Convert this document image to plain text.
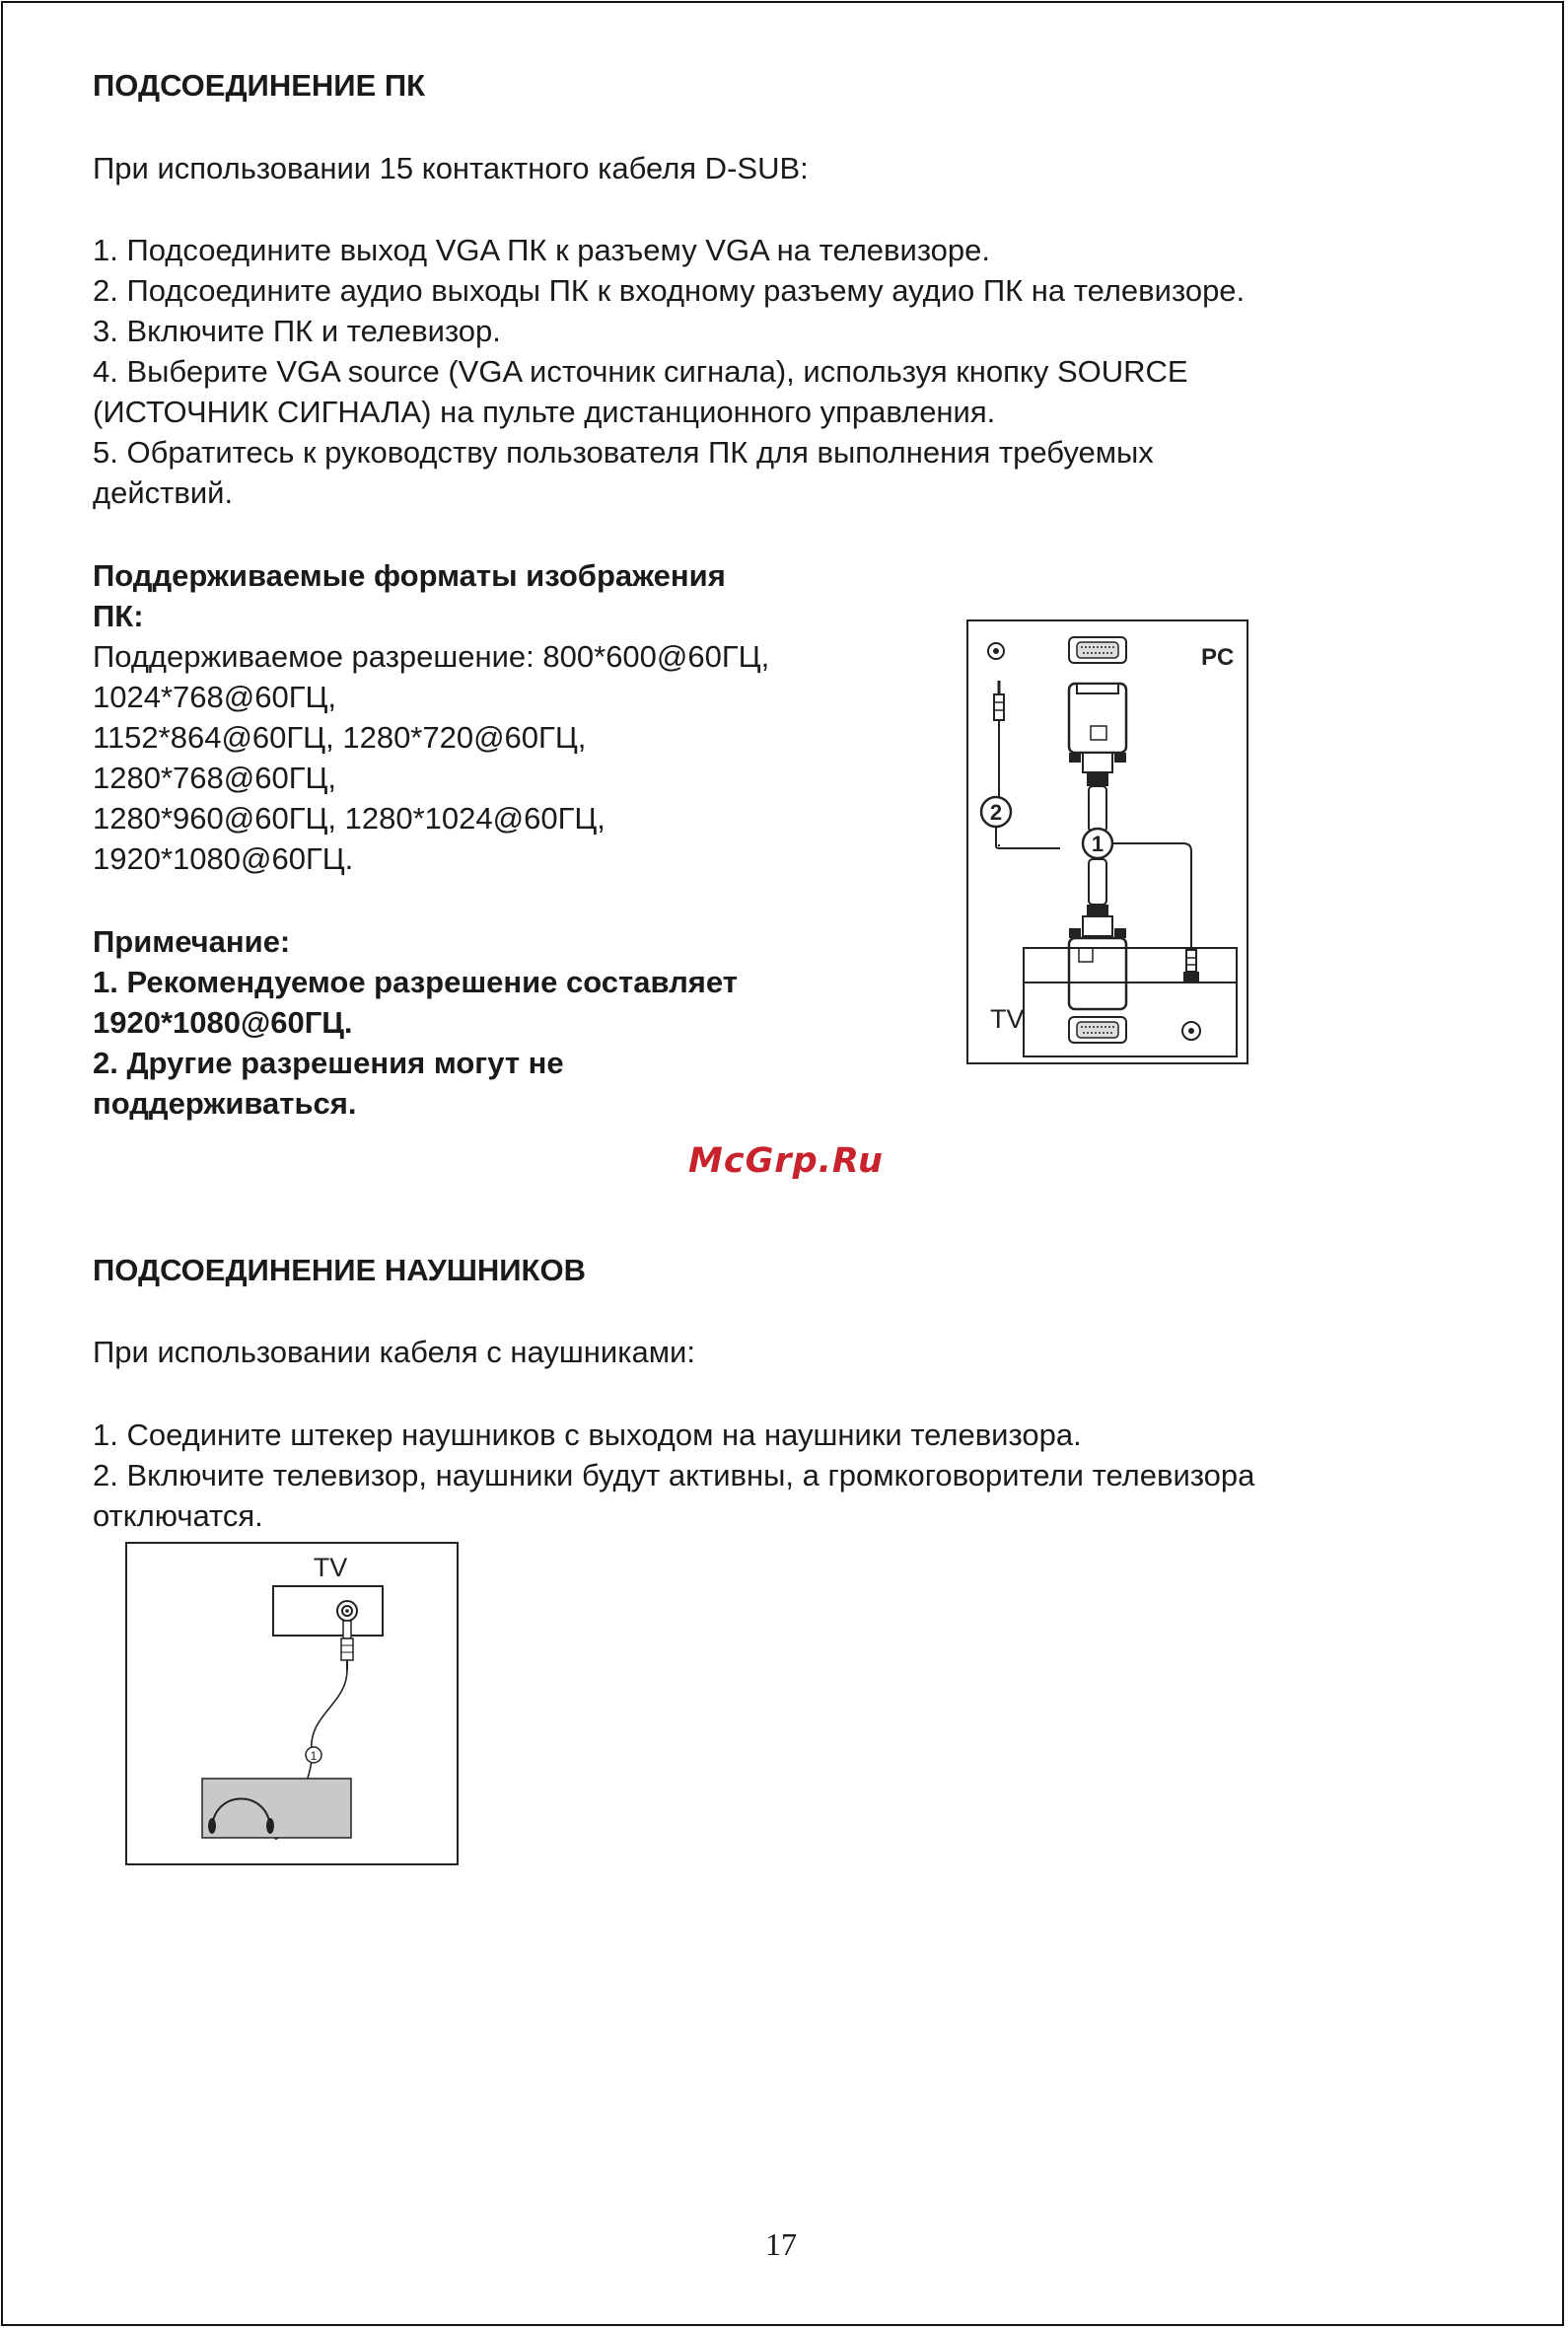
ПОДСОЕДИНЕНИЕ ПК
При использовании 15 контактного кабеля D-SUB:
1. Подсоедините выход VGA ПК к разъему VGA на телевизоре.
2. Подсоедините аудио выходы ПК к входному разъему аудио ПК на телевизоре.
3. Включите ПК и телевизор.
4. Выберите VGA source (VGA источник сигнала), используя кнопку SOURCE
(ИСТОЧНИК СИГНАЛА) на пульте дистанционного управления.
5. Обратитесь к руководству пользователя ПК для выполнения требуемых
действий.
Поддерживаемые форматы изображения
ПК:
Поддерживаемое разрешение: 800*600@60ГЦ,
1024*768@60ГЦ,
1152*864@60ГЦ, 1280*720@60ГЦ,
1280*768@60ГЦ,
1280*960@60ГЦ, 1280*1024@60ГЦ,
1920*1080@60ГЦ.
Примечание:
1. Рекомендуемое разрешение составляет
1920*1080@60ГЦ.
2. Другие разрешения могут не
поддерживаться.
PC
2
1
TV
McGrp.Ru
ПОДСОЕДИНЕНИЕ НАУШНИКОВ
При использовании кабеля с наушниками:
1. Соедините штекер наушников с выходом на наушники телевизора.
2. Включите телевизор, наушники будут активны, а громкоговорители телевизора
отключатся.
TV
1
17
